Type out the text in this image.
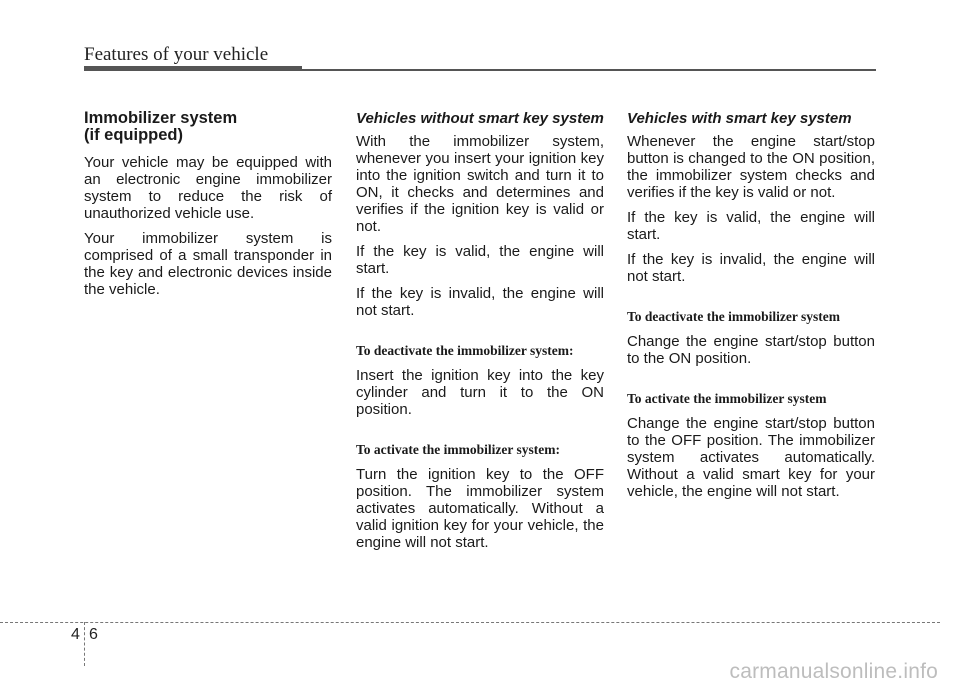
Features of your vehicle
Immobilizer system
(if equipped)

Your vehicle may be equipped with an electronic engine immobilizer system to reduce the risk of unauthorized vehicle use.

Your immobilizer system is comprised of a small transponder in the key and electronic devices inside the vehicle.

Vehicles without smart key system

With the immobilizer system, whenever you insert your ignition key into the ignition switch and turn it to ON, it checks and determines and verifies if the ignition key is valid or not.

If the key is valid, the engine will start.

If the key is invalid, the engine will not start.

To deactivate the immobilizer system:

Insert the ignition key into the key cylinder and turn it to the ON position.

To activate the immobilizer system:

Turn the ignition key to the OFF position. The immobilizer system activates automatically. Without a valid ignition key for your vehicle, the engine will not start.

Vehicles with smart key system

Whenever the engine start/stop button is changed to the ON position, the immobilizer system checks and verifies if the key is valid or not.

If the key is valid, the engine will start.

If the key is invalid, the engine will not start.

To deactivate the immobilizer system

Change the engine start/stop button to the ON position.

To activate the immobilizer system

Change the engine start/stop button to the OFF position. The immobilizer system activates automatically. Without a valid smart key for your vehicle, the engine will not start.

4 6
carmanualsonline.info
